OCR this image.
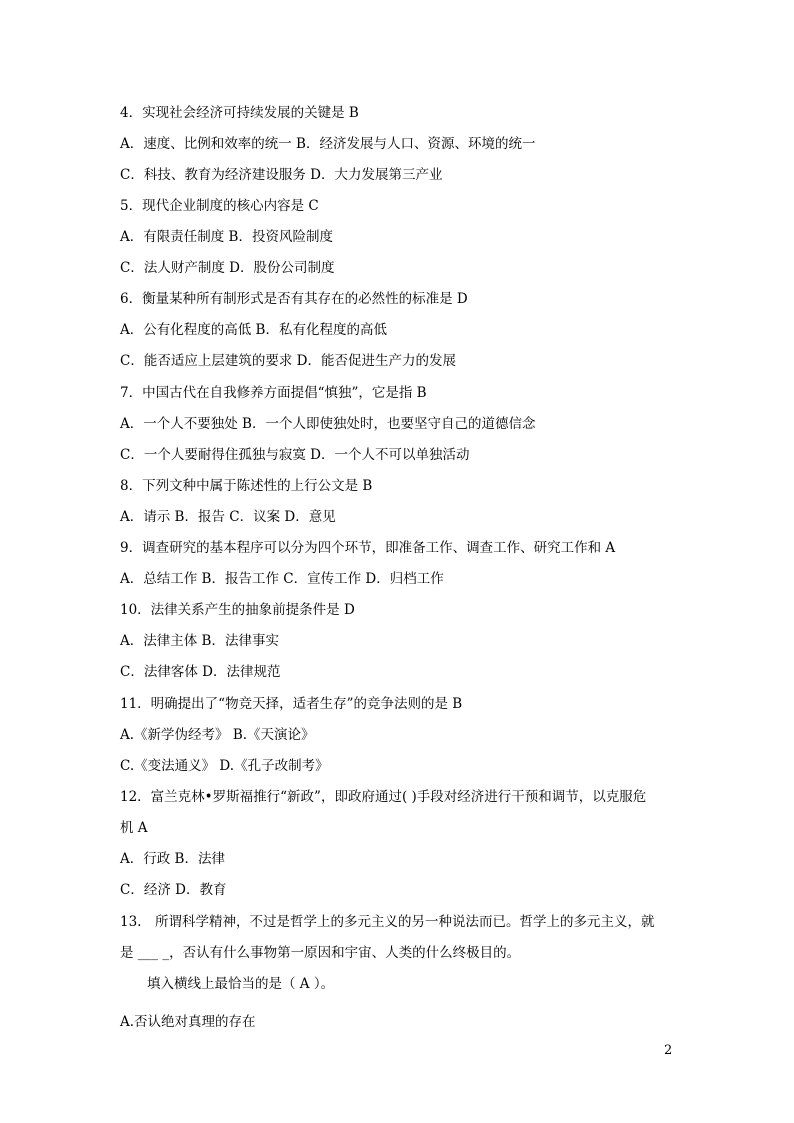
4．实现社会经济可持续发展的关键是 B
A．速度、比例和效率的统一 B．经济发展与人口、资源、环境的统一
C．科技、教育为经济建设服务 D．大力发展第三产业
5．现代企业制度的核心内容是 C
A．有限责任制度 B．投资风险制度
C．法人财产制度 D．股份公司制度
6．衡量某种所有制形式是否有其存在的必然性的标准是 D
A．公有化程度的高低 B．私有化程度的高低
C．能否适应上层建筑的要求 D．能否促进生产力的发展
7．中国古代在自我修养方面提倡“慎独”，它是指 B
A．一个人不要独处 B．一个人即使独处时，也要坚守自己的道德信念
C．一个人要耐得住孤独与寂寞 D．一个人不可以单独活动
8．下列文种中属于陈述性的上行公文是 B
A．请示 B．报告 C．议案 D．意见
9．调查研究的基本程序可以分为四个环节，即准备工作、调查工作、研究工作和 A
A．总结工作 B．报告工作 C．宣传工作 D．归档工作
10．法律关系产生的抽象前提条件是 D
A．法律主体 B．法律事实
C．法律客体 D．法律规范
11．明确提出了“物竞天择，适者生存”的竞争法则的是 B
A.《新学伪经考》 B.《天演论》
C.《变法通义》 D.《孔子改制考》
12．富兰克林•罗斯福推行“新政”，即政府通过( )手段对经济进行干预和调节，以克服危
机 A
A．行政 B．法律
C．经济 D．教育
13.　所谓科学精神，不过是哲学上的多元主义的另一种说法而已。哲学上的多元主义，就
是 ___ _，否认有什么事物第一原因和宇宙、人类的什么终极目的。
　　填入横线上最恰当的是（ A ）。
A.否认绝对真理的存在
2
